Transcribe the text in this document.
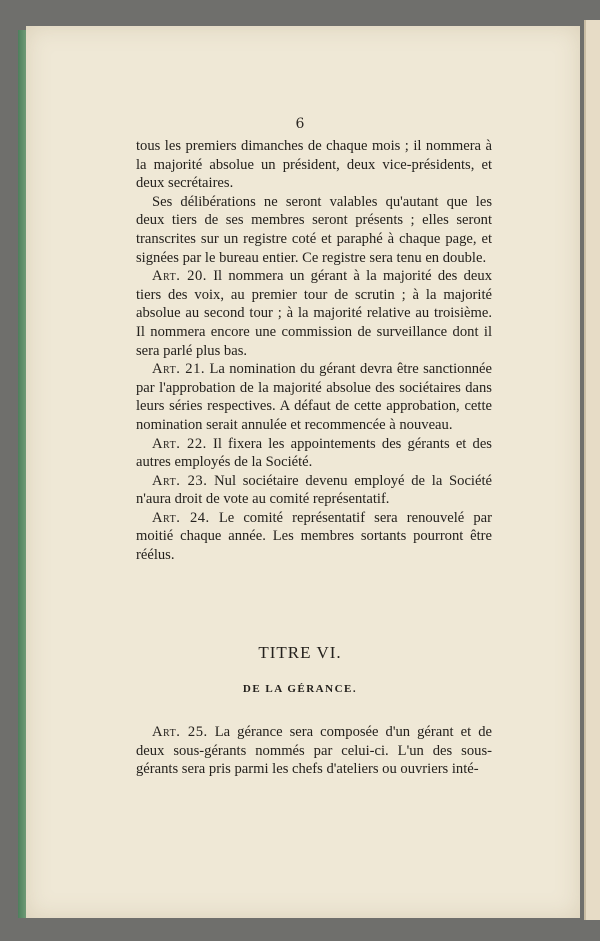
6

tous les premiers dimanches de chaque mois ; il nommera à la majorité absolue un président, deux vice-présidents, et deux secrétaires.

Ses délibérations ne seront valables qu'autant que les deux tiers de ses membres seront présents ; elles seront transcrites sur un registre coté et paraphé à chaque page, et signées par le bureau entier. Ce registre sera tenu en double.

Art. 20. Il nommera un gérant à la majorité des deux tiers des voix, au premier tour de scrutin ; à la majorité absolue au second tour ; à la majorité relative au troisième. Il nommera encore une commission de surveillance dont il sera parlé plus bas.

Art. 21. La nomination du gérant devra être sanctionnée par l'approbation de la majorité absolue des sociétaires dans leurs séries respectives. A défaut de cette approbation, cette nomination serait annulée et recommencée à nouveau.

Art. 22. Il fixera les appointements des gérants et des autres employés de la Société.

Art. 23. Nul sociétaire devenu employé de la Société n'aura droit de vote au comité représentatif.

Art. 24. Le comité représentatif sera renouvelé par moitié chaque année. Les membres sortants pourront être réélus.

TITRE VI.
DE LA GÉRANCE.

Art. 25. La gérance sera composée d'un gérant et de deux sous-gérants nommés par celui-ci. L'un des sous-gérants sera pris parmi les chefs d'ateliers ou ouvriers inté-
